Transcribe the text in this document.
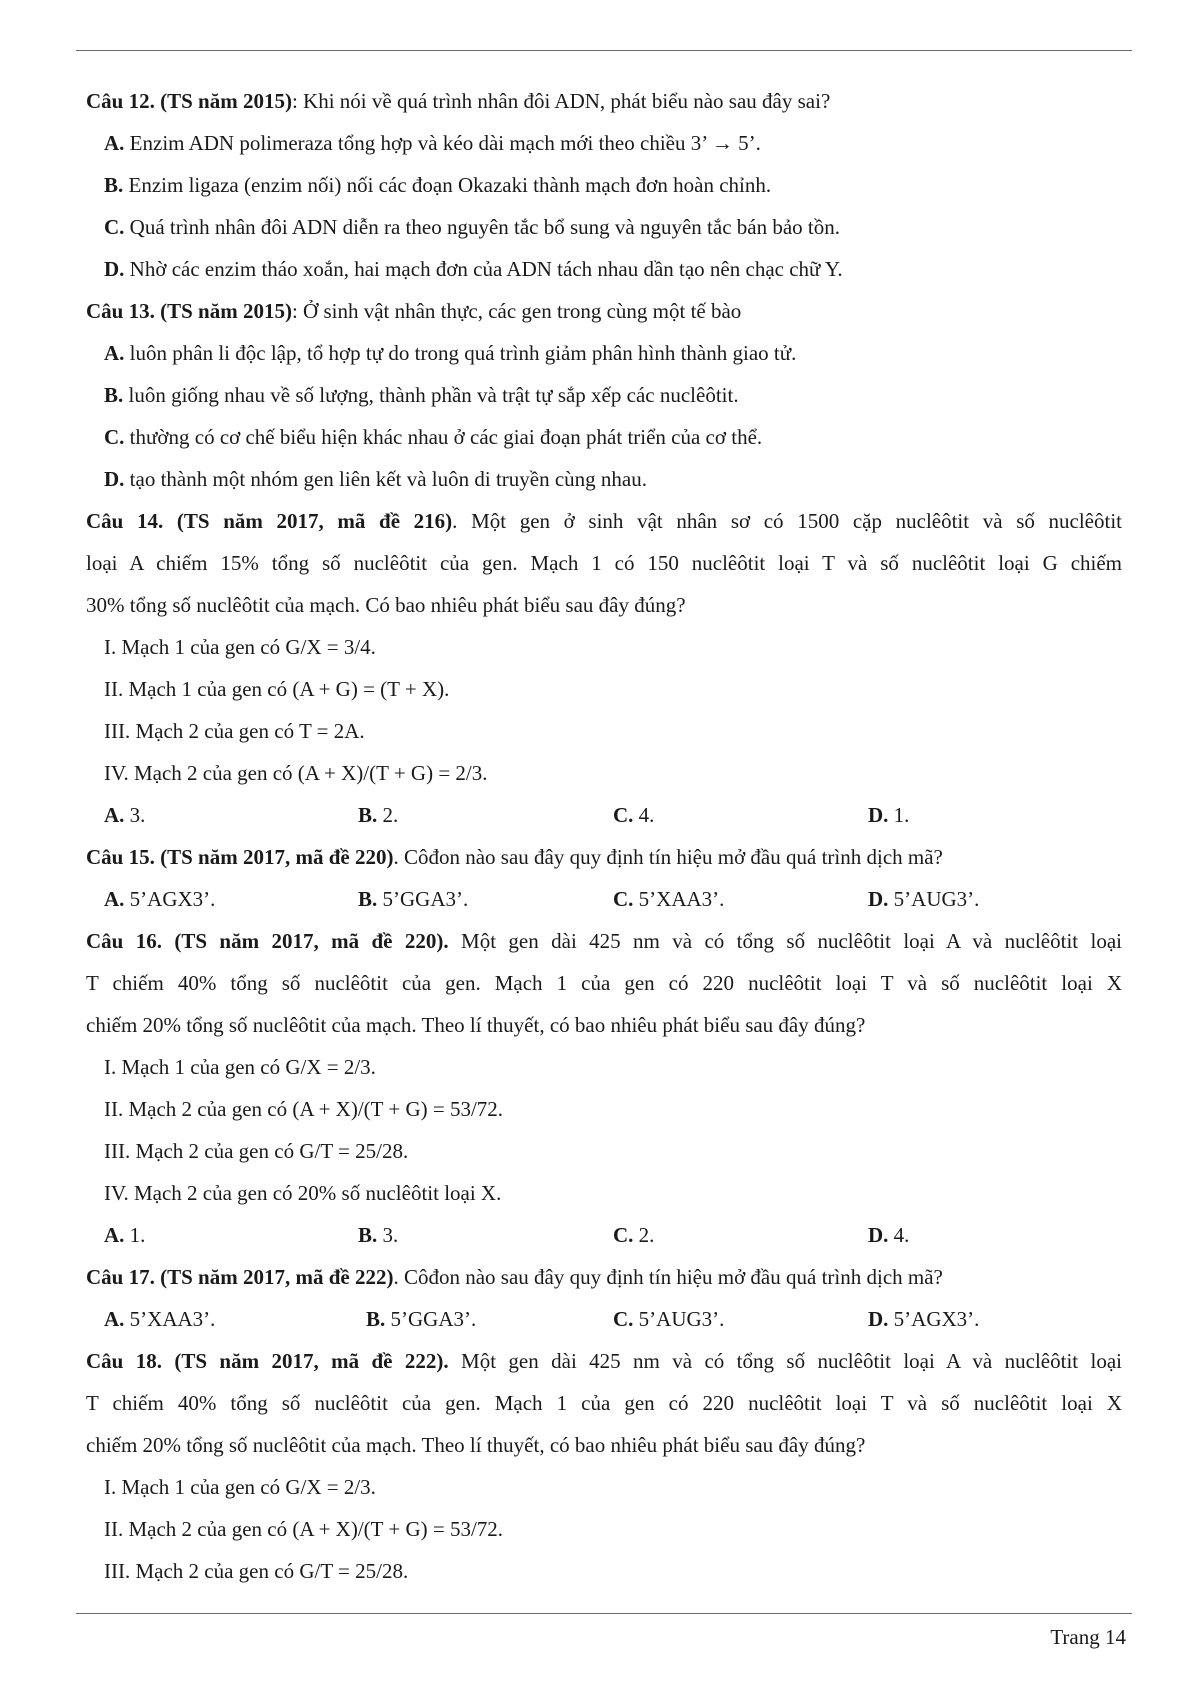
Câu 12. (TS năm 2015): Khi nói về quá trình nhân đôi ADN, phát biểu nào sau đây sai?
A. Enzim ADN polimeraza tổng hợp và kéo dài mạch mới theo chiều 3’ → 5’.
B. Enzim ligaza (enzim nối) nối các đoạn Okazaki thành mạch đơn hoàn chỉnh.
C. Quá trình nhân đôi ADN diễn ra theo nguyên tắc bổ sung và nguyên tắc bán bảo tồn.
D. Nhờ các enzim tháo xoắn, hai mạch đơn của ADN tách nhau dần tạo nên chạc chữ Y.
Câu 13. (TS năm 2015): Ở sinh vật nhân thực, các gen trong cùng một tế bào
A. luôn phân li độc lập, tổ hợp tự do trong quá trình giảm phân hình thành giao tử.
B. luôn giống nhau về số lượng, thành phần và trật tự sắp xếp các nuclêôtit.
C. thường có cơ chế biểu hiện khác nhau ở các giai đoạn phát triển của cơ thể.
D. tạo thành một nhóm gen liên kết và luôn di truyền cùng nhau.
Câu 14. (TS năm 2017, mã đề 216). Một gen ở sinh vật nhân sơ có 1500 cặp nuclêôtit và số nuclêôtit
loại A chiếm 15% tổng số nuclêôtit của gen. Mạch 1 có 150 nuclêôtit loại T và số nuclêôtit loại G chiếm
30% tổng số nuclêôtit của mạch. Có bao nhiêu phát biểu sau đây đúng?
I. Mạch 1 của gen có G/X = 3/4.
II. Mạch 1 của gen có (A + G) = (T + X).
III. Mạch 2 của gen có T = 2A.
IV. Mạch 2 của gen có (A + X)/(T + G) = 2/3.
A. 3.	B. 2.	C. 4.	D. 1.
Câu 15. (TS năm 2017, mã đề 220). Côđon nào sau đây quy định tín hiệu mở đầu quá trình dịch mã?
A. 5’AGX3’.	B. 5’GGA3’.	C. 5’XAA3’.	D. 5’AUG3’.
Câu 16. (TS năm 2017, mã đề 220). Một gen dài 425 nm và có tổng số nuclêôtit loại A và nuclêôtit loại
T chiếm 40% tổng số nuclêôtit của gen. Mạch 1 của gen có 220 nuclêôtit loại T và số nuclêôtit loại X
chiếm 20% tổng số nuclêôtit của mạch. Theo lí thuyết, có bao nhiêu phát biểu sau đây đúng?
I. Mạch 1 của gen có G/X = 2/3.
II. Mạch 2 của gen có (A + X)/(T + G) = 53/72.
III. Mạch 2 của gen có G/T = 25/28.
IV. Mạch 2 của gen có 20% số nuclêôtit loại X.
A. 1.	B. 3.	C. 2.	D. 4.
Câu 17. (TS năm 2017, mã đề 222). Côđon nào sau đây quy định tín hiệu mở đầu quá trình dịch mã?
A. 5’XAA3’.	B. 5’GGA3’.	C. 5’AUG3’.	D. 5’AGX3’.
Câu 18. (TS năm 2017, mã đề 222). Một gen dài 425 nm và có tổng số nuclêôtit loại A và nuclêôtit loại
T chiếm 40% tổng số nuclêôtit của gen. Mạch 1 của gen có 220 nuclêôtit loại T và số nuclêôtit loại X
chiếm 20% tổng số nuclêôtit của mạch. Theo lí thuyết, có bao nhiêu phát biểu sau đây đúng?
I. Mạch 1 của gen có G/X = 2/3.
II. Mạch 2 của gen có (A + X)/(T + G) = 53/72.
III. Mạch 2 của gen có G/T = 25/28.
Trang 14
